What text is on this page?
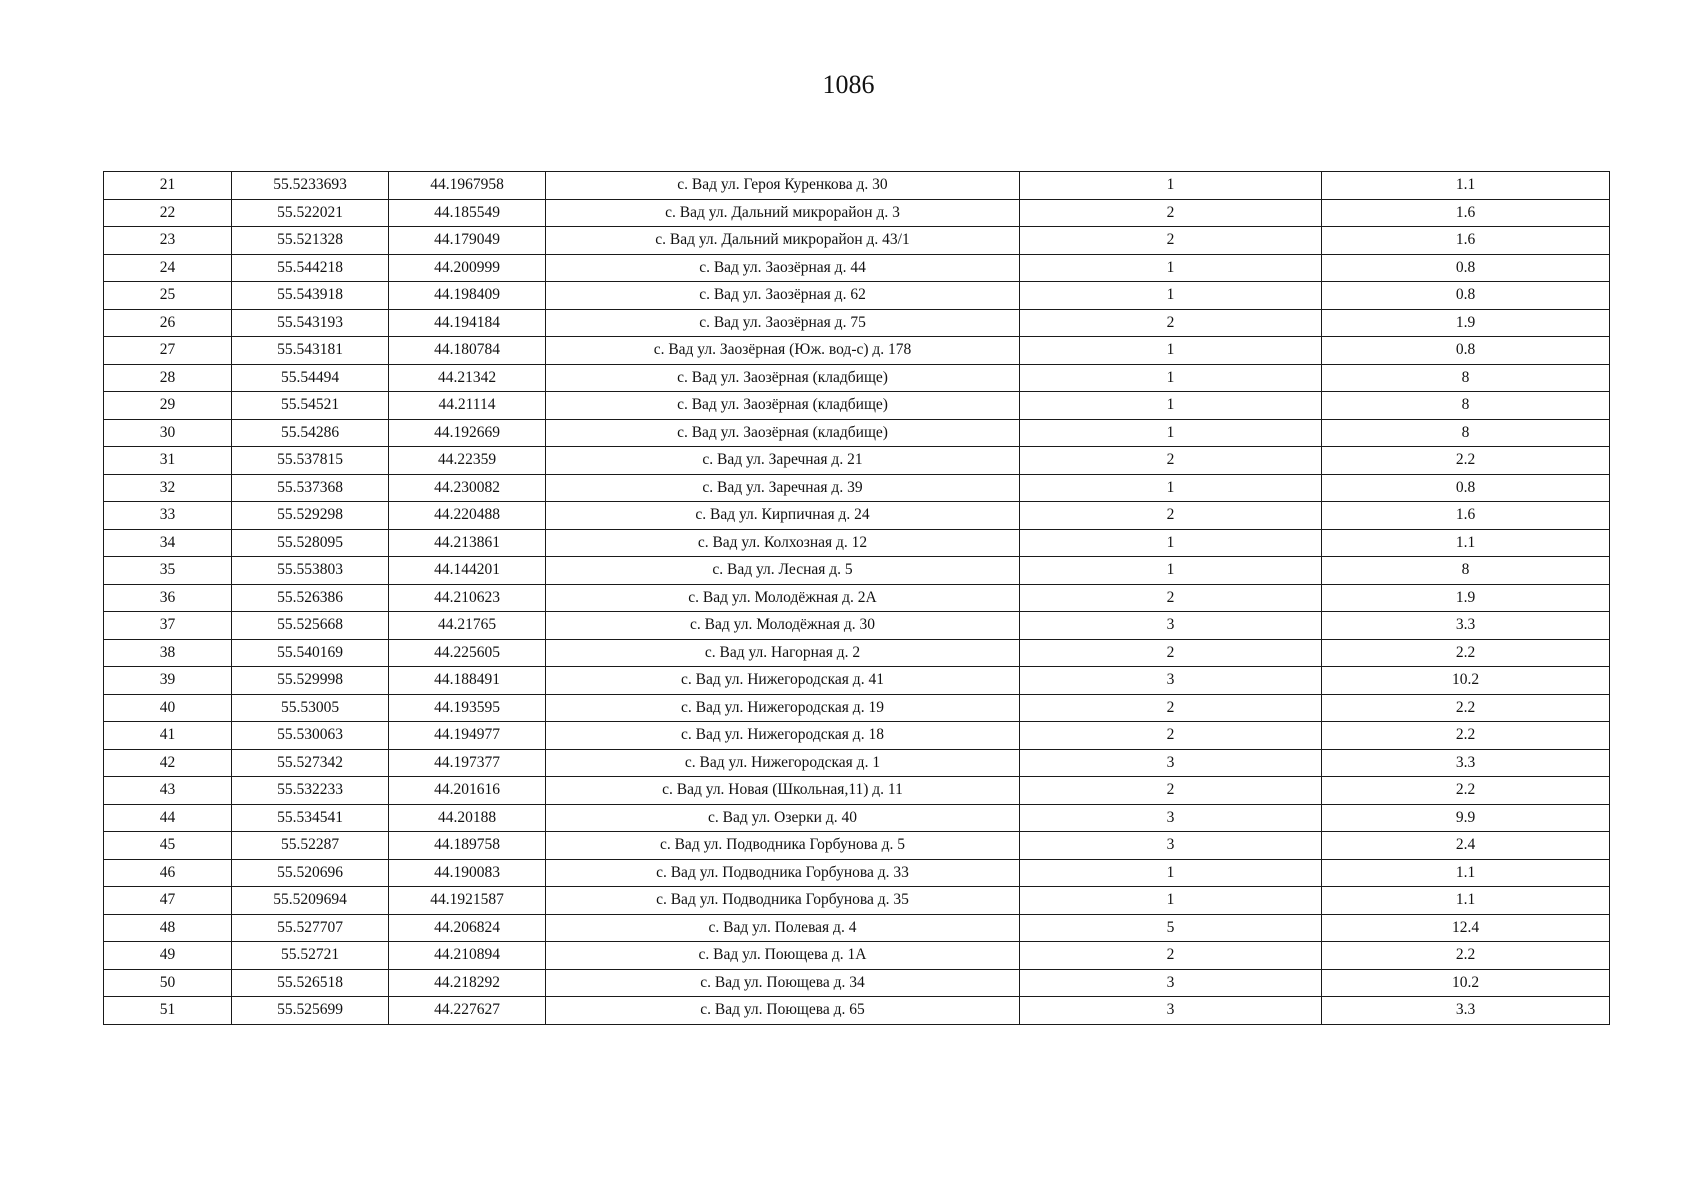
1086
21	55.5233693	44.1967958	с. Вад ул. Героя Куренкова д. 30	1	1.1
22	55.522021	44.185549	с. Вад ул. Дальний микрорайон д. 3	2	1.6
23	55.521328	44.179049	с. Вад ул. Дальний микрорайон д. 43/1	2	1.6
24	55.544218	44.200999	с. Вад ул. Заозёрная д. 44	1	0.8
25	55.543918	44.198409	с. Вад ул. Заозёрная д. 62	1	0.8
26	55.543193	44.194184	с. Вад ул. Заозёрная д. 75	2	1.9
27	55.543181	44.180784	с. Вад ул. Заозёрная (Юж. вод-с) д. 178	1	0.8
28	55.54494	44.21342	с. Вад ул. Заозёрная (кладбище)	1	8
29	55.54521	44.21114	с. Вад ул. Заозёрная (кладбище)	1	8
30	55.54286	44.192669	с. Вад ул. Заозёрная (кладбище)	1	8
31	55.537815	44.22359	с. Вад ул. Заречная д. 21	2	2.2
32	55.537368	44.230082	с. Вад ул. Заречная д. 39	1	0.8
33	55.529298	44.220488	с. Вад ул. Кирпичная д. 24	2	1.6
34	55.528095	44.213861	с. Вад ул. Колхозная д. 12	1	1.1
35	55.553803	44.144201	с. Вад ул. Лесная д. 5	1	8
36	55.526386	44.210623	с. Вад ул. Молодёжная д. 2А	2	1.9
37	55.525668	44.21765	с. Вад ул. Молодёжная д. 30	3	3.3
38	55.540169	44.225605	с. Вад ул. Нагорная д. 2	2	2.2
39	55.529998	44.188491	с. Вад ул. Нижегородская д. 41	3	10.2
40	55.53005	44.193595	с. Вад ул. Нижегородская д. 19	2	2.2
41	55.530063	44.194977	с. Вад ул. Нижегородская д. 18	2	2.2
42	55.527342	44.197377	с. Вад ул. Нижегородская д. 1	3	3.3
43	55.532233	44.201616	с. Вад ул. Новая (Школьная,11) д. 11	2	2.2
44	55.534541	44.20188	с. Вад ул. Озерки д. 40	3	9.9
45	55.52287	44.189758	с. Вад ул. Подводника Горбунова д. 5	3	2.4
46	55.520696	44.190083	с. Вад ул. Подводника Горбунова д. 33	1	1.1
47	55.5209694	44.1921587	с. Вад ул. Подводника Горбунова д. 35	1	1.1
48	55.527707	44.206824	с. Вад ул. Полевая д. 4	5	12.4
49	55.52721	44.210894	с. Вад ул. Поющева д. 1А	2	2.2
50	55.526518	44.218292	с. Вад ул. Поющева д. 34	3	10.2
51	55.525699	44.227627	с. Вад ул. Поющева д. 65	3	3.3
